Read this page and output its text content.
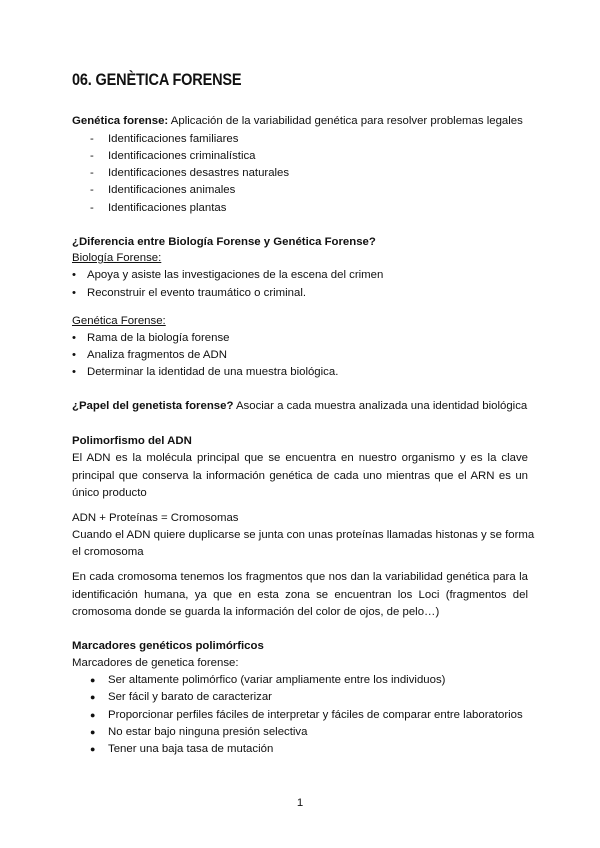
06. GENÈTICA FORENSE
Genética forense: Aplicación de la variabilidad genética para resolver problemas legales
- Identificaciones familiares
- Identificaciones criminalística
- Identificaciones desastres naturales
- Identificaciones animales
- Identificaciones plantas
¿Diferencia entre Biología Forense y Genética Forense?
Biología Forense:
• Apoya y asiste las investigaciones de la escena del crimen
• Reconstruir el evento traumático o criminal.
Genética Forense:
• Rama de la biología forense
• Analiza fragmentos de ADN
• Determinar la identidad de una muestra biológica.
¿Papel del genetista forense? Asociar a cada muestra analizada una identidad biológica
Polimorfismo del ADN
El ADN es la molécula principal que se encuentra en nuestro organismo y es la clave
principal que conserva la información genética de cada uno mientras que el ARN es un
único producto
ADN + Proteínas = Cromosomas
Cuando el ADN quiere duplicarse se junta con unas proteínas llamadas histonas y se forma
el cromosoma
En cada cromosoma tenemos los fragmentos que nos dan la variabilidad genética para la
identificación humana, ya que en esta zona se encuentran los Loci (fragmentos del
cromosoma donde se guarda la información del color de ojos, de pelo…)
Marcadores genéticos polimórficos
Marcadores de genetica forense:
● Ser altamente polimórfico (variar ampliamente entre los individuos)
● Ser fácil y barato de caracterizar
● Proporcionar perfiles fáciles de interpretar y fáciles de comparar entre laboratorios
● No estar bajo ninguna presión selectiva
● Tener una baja tasa de mutación
1
